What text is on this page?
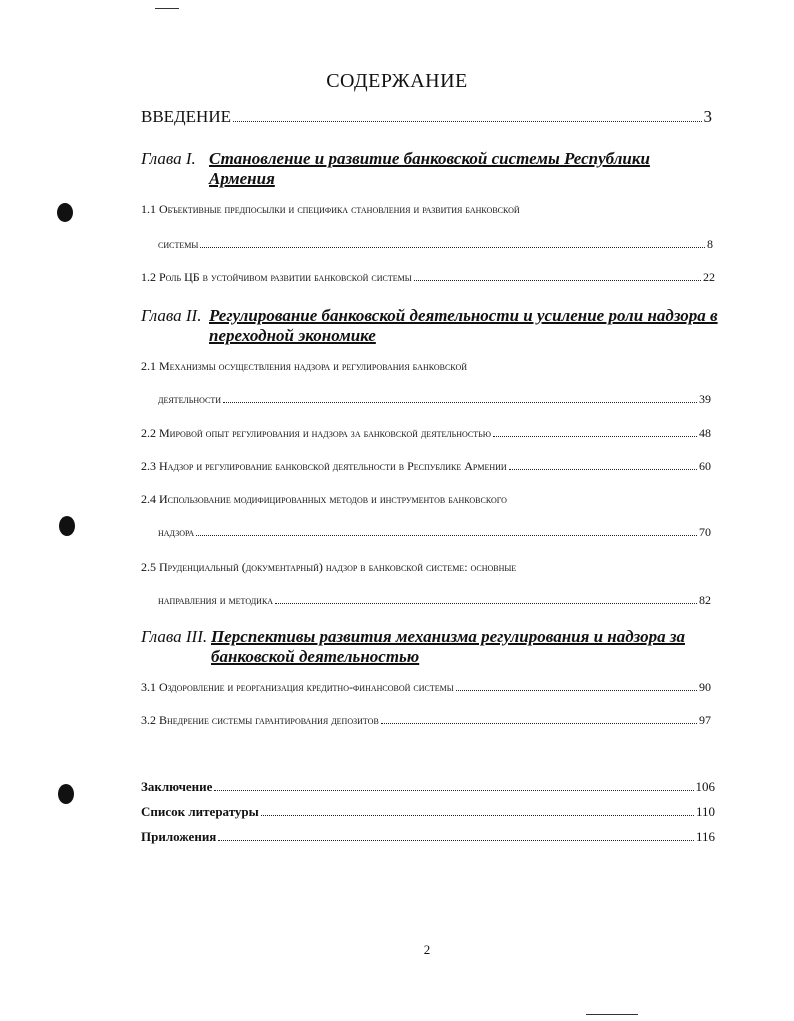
СОДЕРЖАНИЕ
ВВЕДЕНИЕ	3
Глава I. Становление и развитие банковской системы Республики
Армения
1.1 Объективные предпосылки и специфика становления и развития банковской
системы	8
1.2
Роль ЦБ в устойчивом развитии банковской системы	22
Глава II. Регулирование банковской деятельности и усиление роли надзора в
переходной экономике
2.1 Механизмы осуществления надзора и регулирования банковской
деятельности	39
2.2
Мировой опыт регулирования и надзора за банковской деятельностью	48
2.3
Надзор и регулирование банковской деятельности в Республике Армении	60
2.4 Использование модифицированных методов и инструментов банковского
надзора	70
2.5 Пруденциальный (документарный) надзор в банковской системе: основные
направления и методика	82
Глава III. Перспективы развития механизма регулирования и надзора за
банковской деятельностью
3.1
Оздоровление и реорганизация кредитно-финансовой системы	90
3.2
Внедрение системы гарантирования депозитов	97
Заключение	106
Список литературы	110
Приложения	116
2
